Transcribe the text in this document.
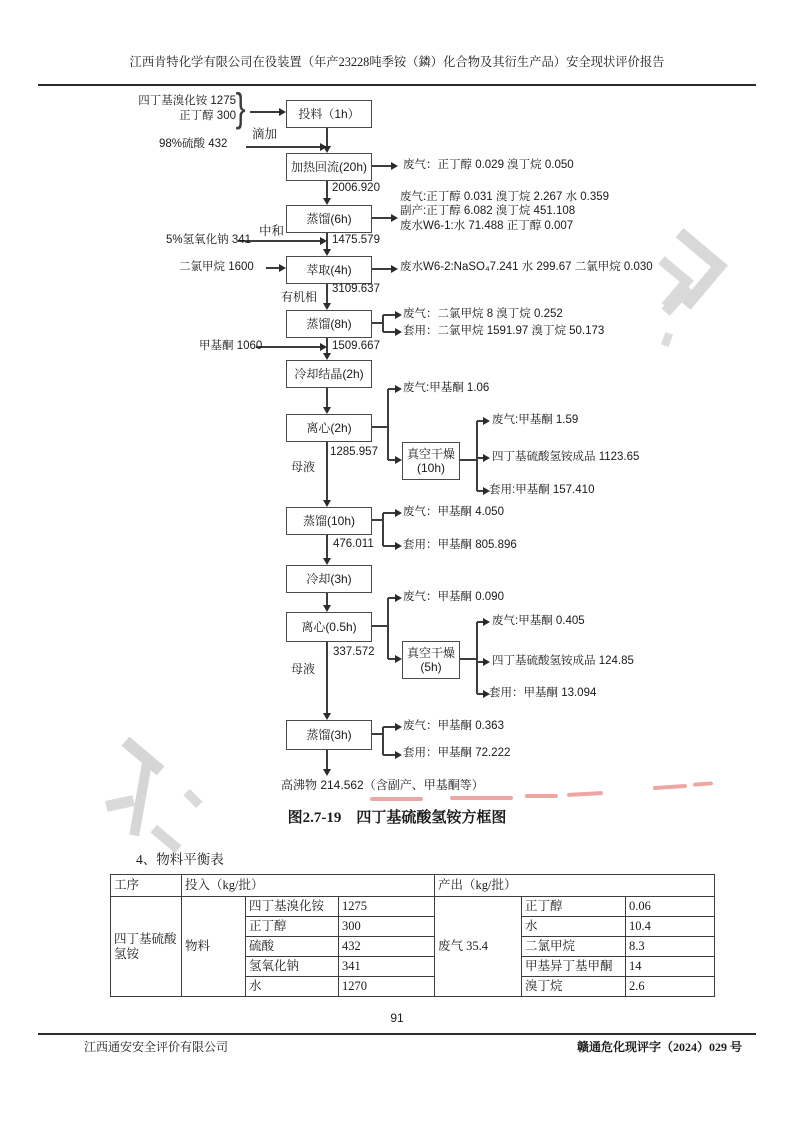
江西肯特化学有限公司在役装置（年产23228吨季铵（鏻）化合物及其衍生产品）安全现状评价报告
四丁基溴化铵 1275
正丁醇 300 }
98%硫酸 432
5%氢氧化钠 341
二氯甲烷 1600
甲基酮 1060
滴加
中和
有机相
母液
母液
投料（1h）
加热回流(20h)
蒸馏(6h)
萃取(4h)
蒸馏(8h)
冷却结晶(2h)
离心(2h)
真空干燥
(10h)
蒸馏(10h)
冷却(3h)
离心(0.5h)
真空干燥
(5h)
蒸馏(3h)
2006.920
1475.579
3109.637
1509.667
1285.957
476.011
337.572
废气：正丁醇 0.029 溴丁烷 0.050
废气:正丁醇 0.031 溴丁烷 2.267 水 0.359
副产:正丁醇 6.082 溴丁烷 451.108
废水W6-1:水 71.488 正丁醇 0.007
废水W6-2:NaSO₄7.241 水 299.67 二氯甲烷 0.030
废气：二氯甲烷 8 溴丁烷 0.252
套用：二氯甲烷 1591.97 溴丁烷 50.173
废气:甲基酮 1.06
废气:甲基酮 1.59
四丁基硫酸氢铵成品 1123.65
套用:甲基酮 157.410
废气：甲基酮 4.050
套用：甲基酮 805.896
废气：甲基酮 0.090
废气:甲基酮 0.405
四丁基硫酸氢铵成品 124.85
套用：甲基酮 13.094
废气：甲基酮 0.363
套用：甲基酮 72.222
高沸物 214.562（含副产、甲基酮等）
图2.7-19　四丁基硫酸氢铵方框图
4、物料平衡表
工序	投入（kg/批）			产出（kg/批）		
四丁基硫酸氢铵	物料	四丁基溴化铵	1275	废气 35.4	正丁醇	0.06
		正丁醇	300		水	10.4
		硫酸	432		二氯甲烷	8.3
		氢氧化钠	341		甲基异丁基甲酮	14
		水	1270		溴丁烷	2.6
91
江西通安安全评价有限公司	赣通危化现评字（2024）029 号
